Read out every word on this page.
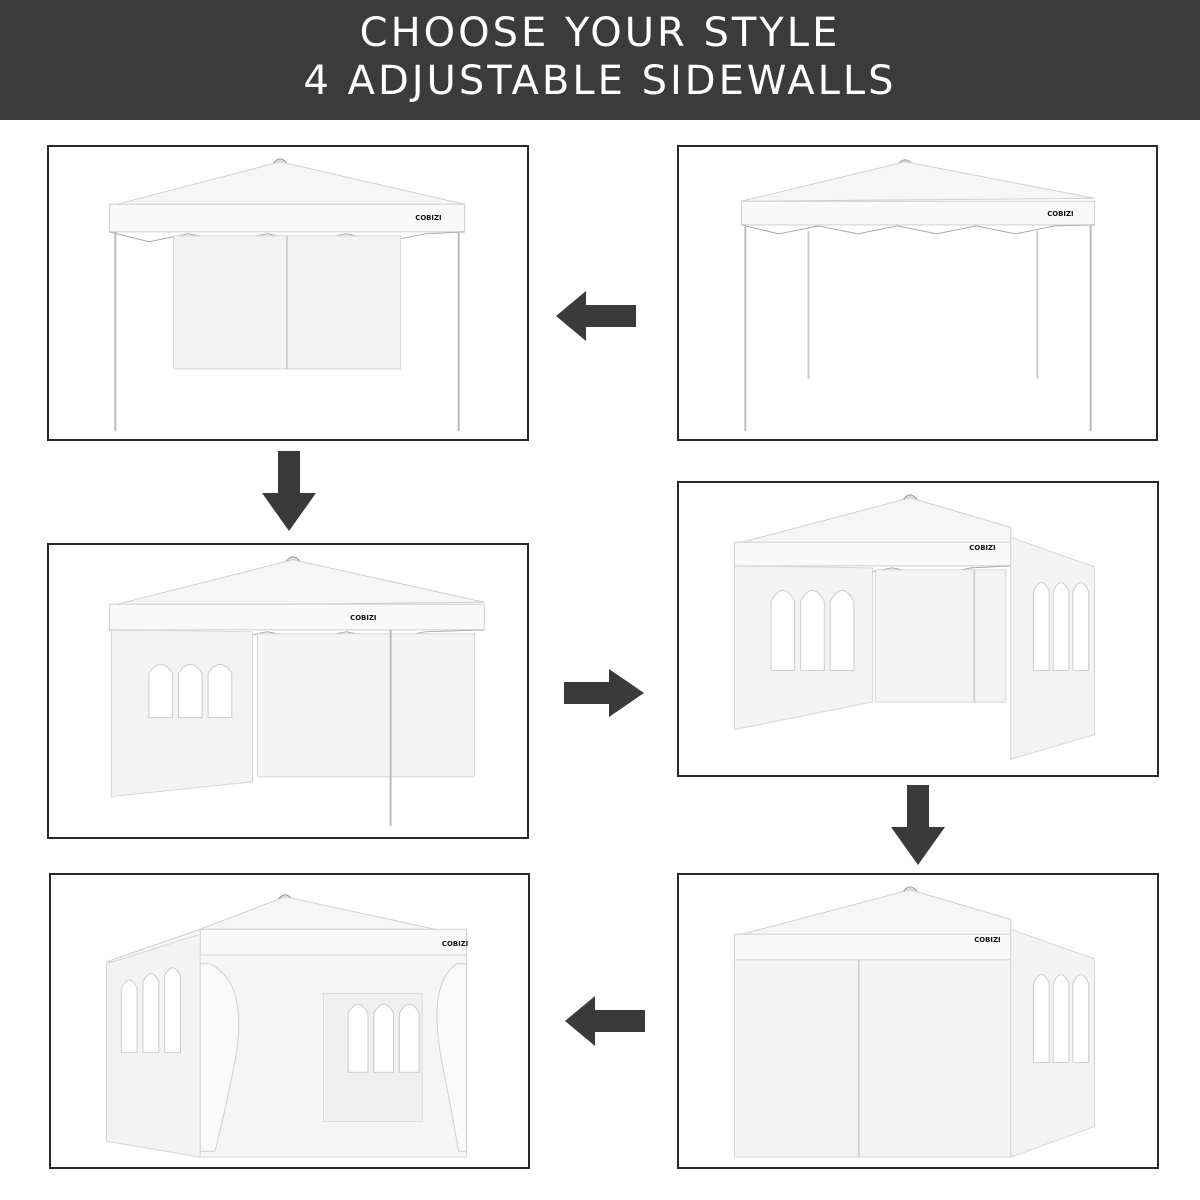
CHOOSE YOUR STYLE
4 ADJUSTABLE SIDEWALLS
COBIZI
COBIZI
COBIZI
COBIZI
COBIZI
COBIZI
